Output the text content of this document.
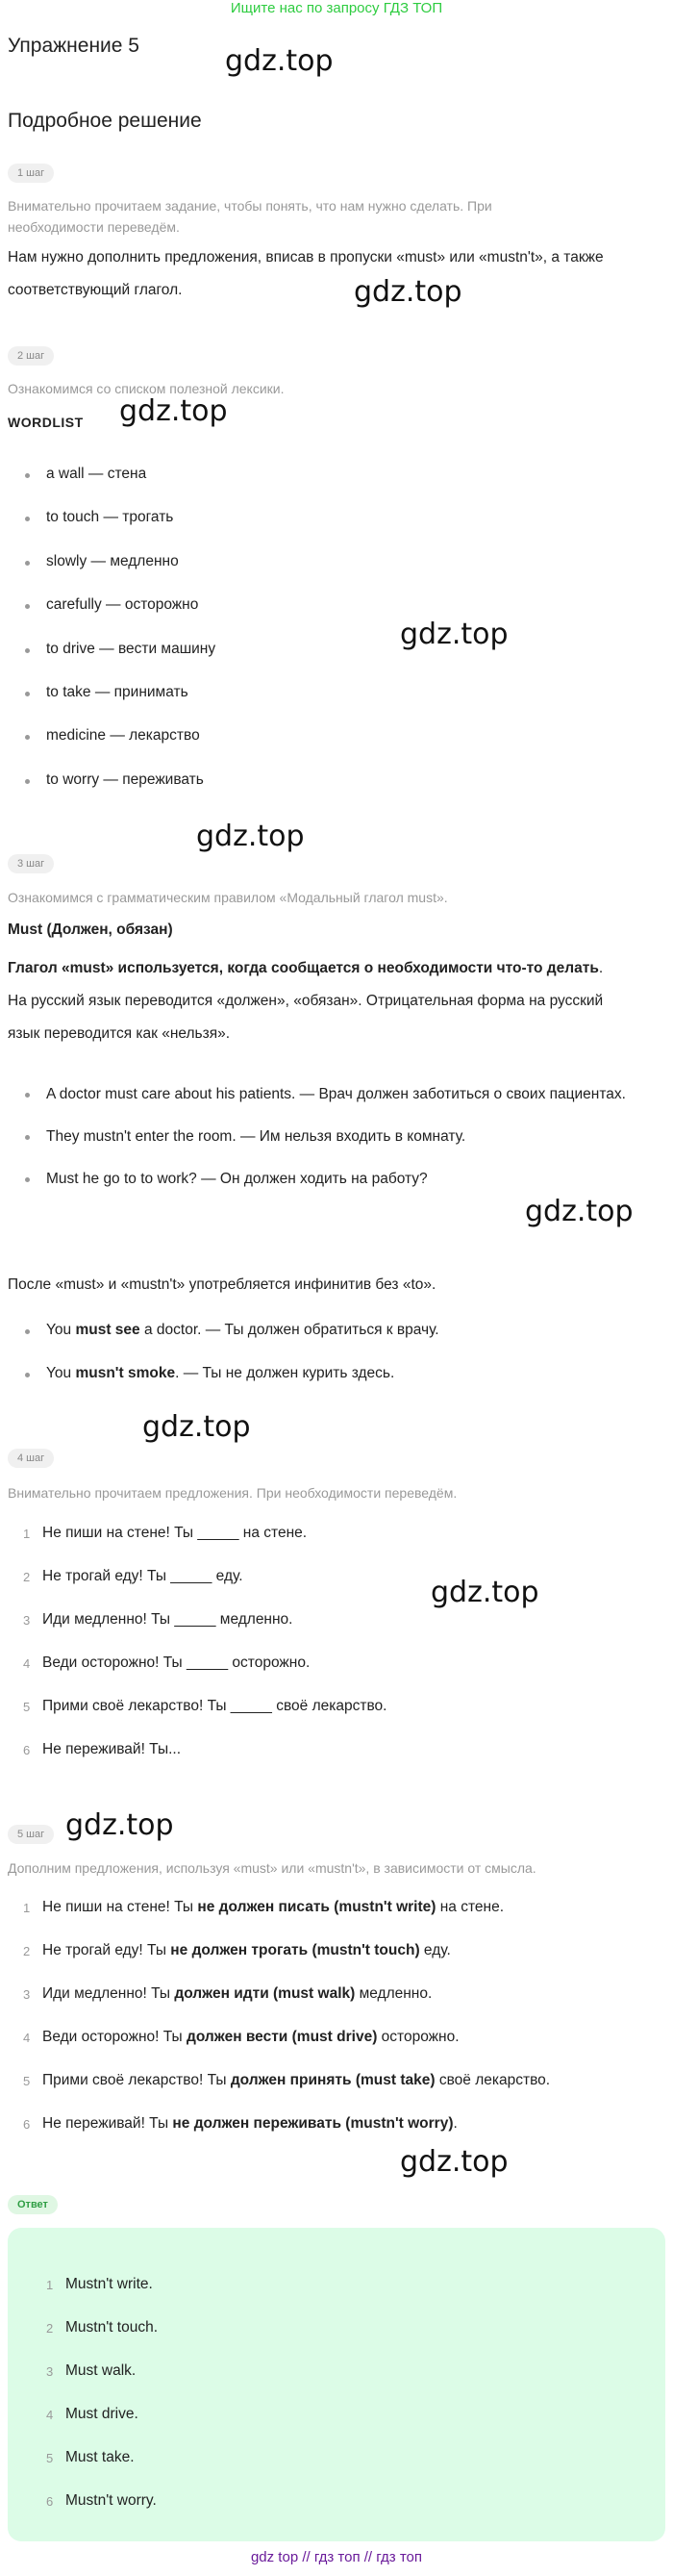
Ищите нас по запросу ГДЗ ТОП
Упражнение 5
Подробное решение
gdz.top
gdz.top
gdz.top
gdz.top
gdz.top
gdz.top
gdz.top
gdz.top
gdz.top
gdz.top
1 шаг
Внимательно прочитаем задание, чтобы понять, что нам нужно сделать. При необходимости переведём.
Нам нужно дополнить предложения, вписав в пропуски «must» или «mustn't», а также соответствующий глагол.
2 шаг
Ознакомимся со списком полезной лексики.
WORDLIST
a wall — стена
to touch — трогать
slowly — медленно
carefully — осторожно
to drive — вести машину
to take — принимать
medicine — лекарство
to worry — переживать
3 шаг
Ознакомимся с грамматическим правилом «Модальный глагол must».
Must (Должен, обязан)
Глагол «must» используется, когда сообщается о необходимости что-то делать. На русский язык переводится «должен», «обязан». Отрицательная форма на русский язык переводится как «нельзя».
A doctor must care about his patients. — Врач должен заботиться о своих пациентах.
They mustn't enter the room. — Им нельзя входить в комнату.
Must he go to to work? — Он должен ходить на работу?
После «must» и «mustn't» употребляется инфинитив без «to».
You must see a doctor. — Ты должен обратиться к врачу.
You musn't smoke. — Ты не должен курить здесь.
4 шаг
Внимательно прочитаем предложения. При необходимости переведём.
1 Не пиши на стене! Ты _____ на стене.
2 Не трогай еду! Ты _____ еду.
3 Иди медленно! Ты _____ медленно.
4 Веди осторожно! Ты _____ осторожно.
5 Прими своё лекарство! Ты _____ своё лекарство.
6 Не переживай! Ты...
5 шаг
Дополним предложения, используя «must» или «mustn't», в зависимости от смысла.
1 Не пиши на стене! Ты не должен писать (mustn't write) на стене.
2 Не трогай еду! Ты не должен трогать (mustn't touch) еду.
3 Иди медленно! Ты должен идти (must walk) медленно.
4 Веди осторожно! Ты должен вести (must drive) осторожно.
5 Прими своё лекарство! Ты должен принять (must take) своё лекарство.
6 Не переживай! Ты не должен переживать (mustn't worry).
Ответ
1 Mustn't write.
2 Mustn't touch.
3 Must walk.
4 Must drive.
5 Must take.
6 Mustn't worry.
gdz top // гдз топ // гдз топ
